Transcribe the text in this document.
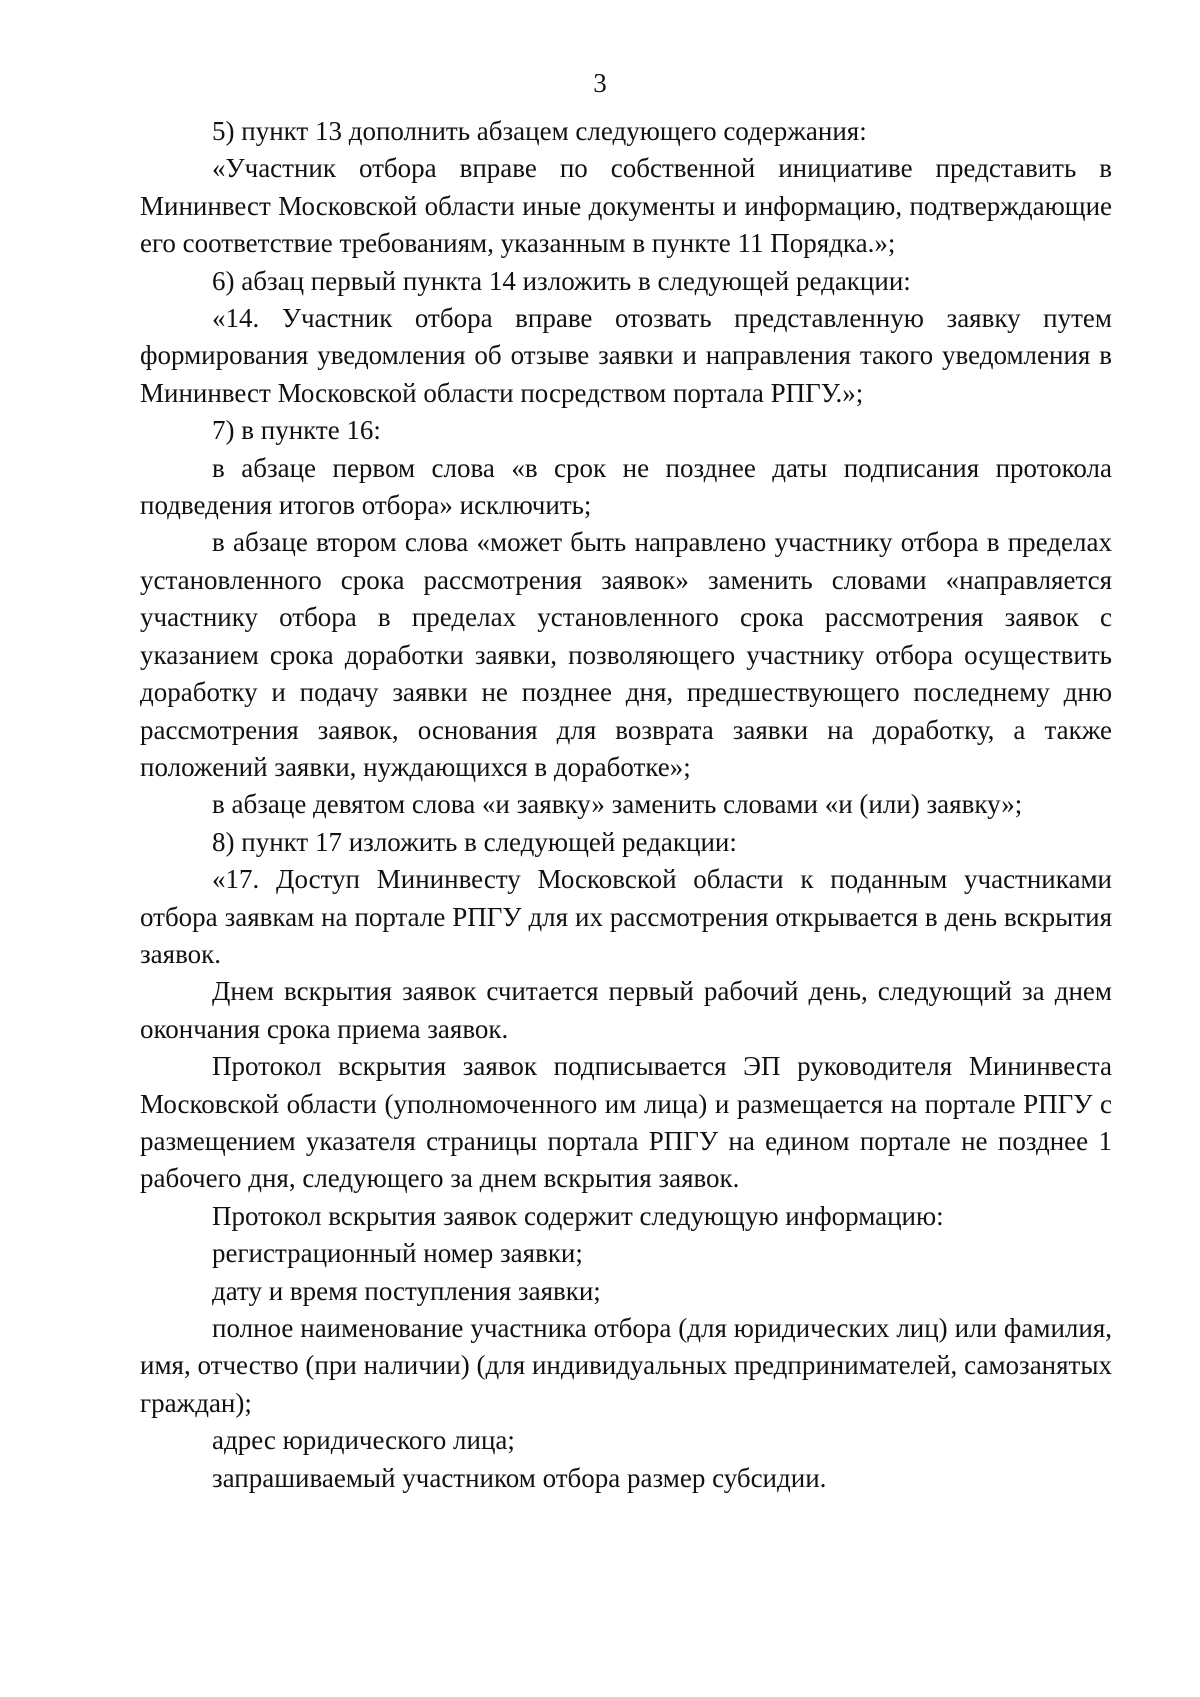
3

5) пункт 13 дополнить абзацем следующего содержания:

«Участник отбора вправе по собственной инициативе представить в Мининвест Московской области иные документы и информацию, подтверждающие его соответствие требованиям, указанным в пункте 11 Порядка.»;

6) абзац первый пункта 14 изложить в следующей редакции:

«14. Участник отбора вправе отозвать представленную заявку путем формирования уведомления об отзыве заявки и направления такого уведомления в Мининвест Московской области посредством портала РПГУ.»;

7) в пункте 16:

в абзаце первом слова «в срок не позднее даты подписания протокола подведения итогов отбора» исключить;

в абзаце втором слова «может быть направлено участнику отбора в пределах установленного срока рассмотрения заявок» заменить словами «направляется участнику отбора в пределах установленного срока рассмотрения заявок с указанием срока доработки заявки, позволяющего участнику отбора осуществить доработку и подачу заявки не позднее дня, предшествующего последнему дню рассмотрения заявок, основания для возврата заявки на доработку, а также положений заявки, нуждающихся в доработке»;

в абзаце девятом слова «и заявку» заменить словами «и (или) заявку»;

8) пункт 17 изложить в следующей редакции:

«17. Доступ Мининвесту Московской области к поданным участниками отбора заявкам на портале РПГУ для их рассмотрения открывается в день вскрытия заявок.

Днем вскрытия заявок считается первый рабочий день, следующий за днем окончания срока приема заявок.

Протокол вскрытия заявок подписывается ЭП руководителя Мининвеста Московской области (уполномоченного им лица) и размещается на портале РПГУ с размещением указателя страницы портала РПГУ на едином портале не позднее 1 рабочего дня, следующего за днем вскрытия заявок.

Протокол вскрытия заявок содержит следующую информацию:

регистрационный номер заявки;

дату и время поступления заявки;

полное наименование участника отбора (для юридических лиц) или фамилия, имя, отчество (при наличии) (для индивидуальных предпринимателей, самозанятых граждан);

адрес юридического лица;

запрашиваемый участником отбора размер субсидии.
